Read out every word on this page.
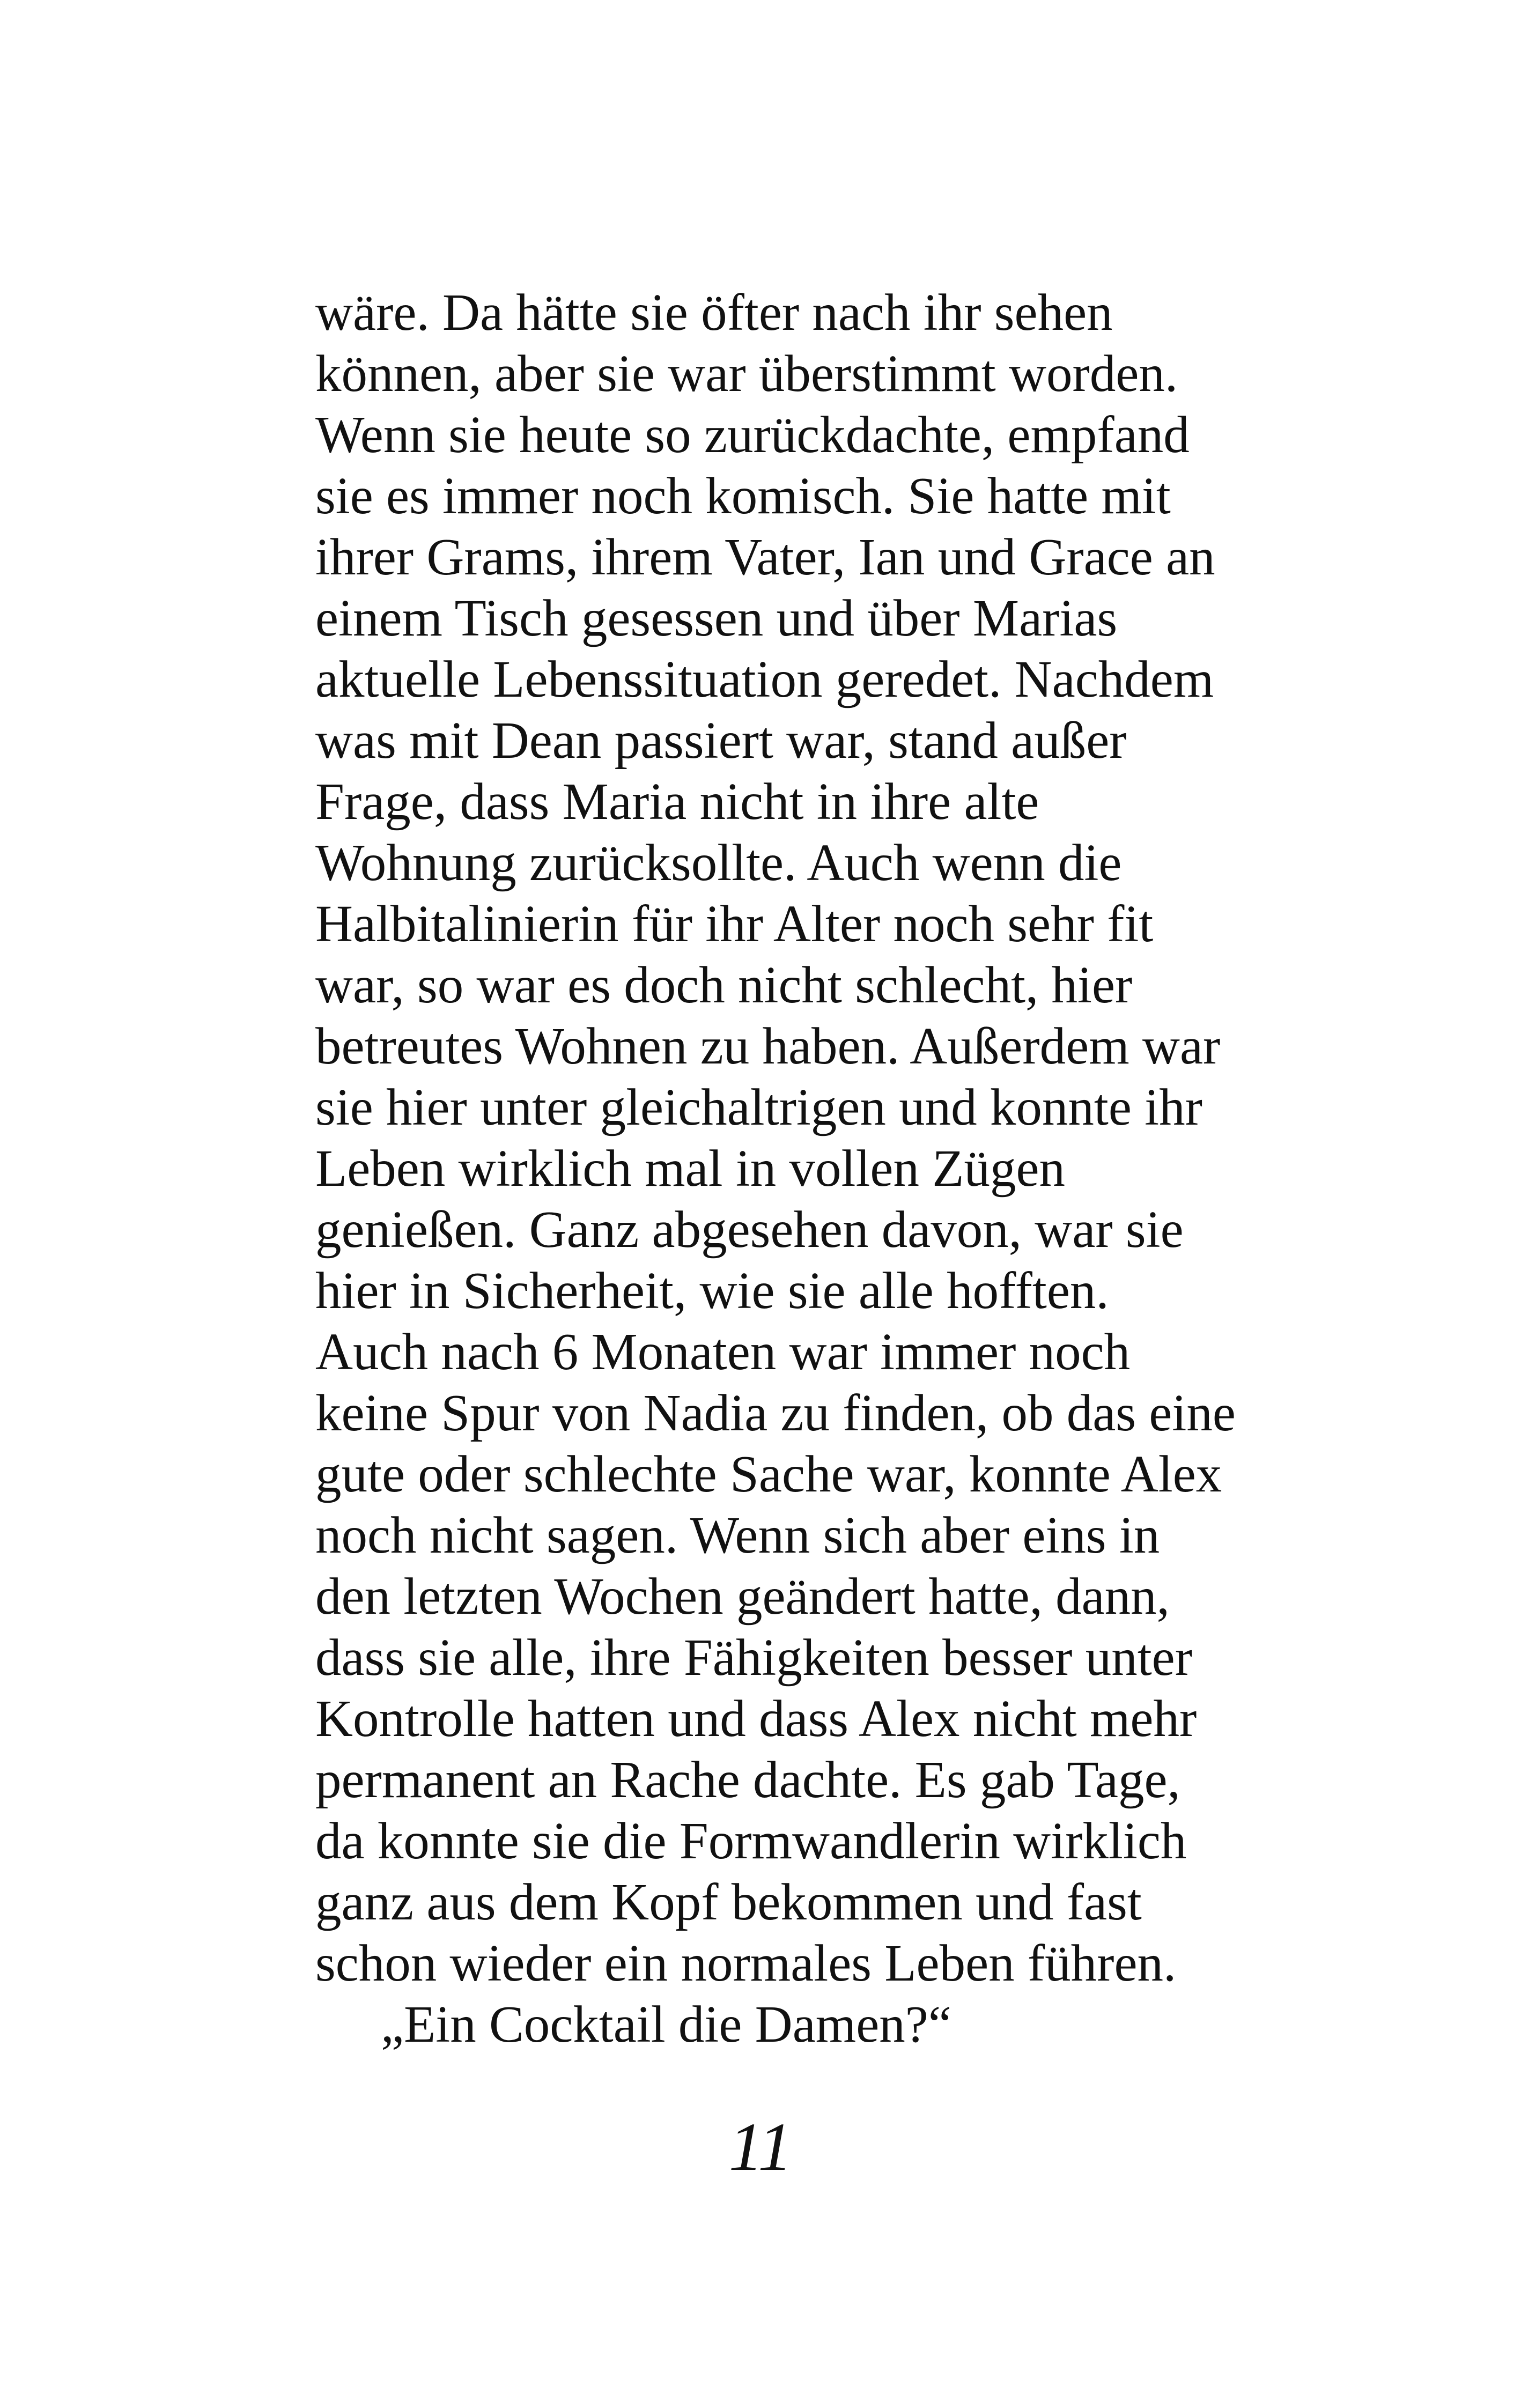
wäre. Da hätte sie öfter nach ihr sehen
können, aber sie war überstimmt worden.
Wenn sie heute so zurückdachte, empfand
sie es immer noch komisch. Sie hatte mit
ihrer Grams, ihrem Vater, Ian und Grace an
einem Tisch gesessen und über Marias
aktuelle Lebenssituation geredet. Nachdem
was mit Dean passiert war, stand außer
Frage, dass Maria nicht in ihre alte
Wohnung zurücksollte. Auch wenn die
Halbitalinierin für ihr Alter noch sehr fit
war, so war es doch nicht schlecht, hier
betreutes Wohnen zu haben. Außerdem war
sie hier unter gleichaltrigen und konnte ihr
Leben wirklich mal in vollen Zügen
genießen. Ganz abgesehen davon, war sie
hier in Sicherheit, wie sie alle hofften.
Auch nach 6 Monaten war immer noch
keine Spur von Nadia zu finden, ob das eine
gute oder schlechte Sache war, konnte Alex
noch nicht sagen. Wenn sich aber eins in
den letzten Wochen geändert hatte, dann,
dass sie alle, ihre Fähigkeiten besser unter
Kontrolle hatten und dass Alex nicht mehr
permanent an Rache dachte. Es gab Tage,
da konnte sie die Formwandlerin wirklich
ganz aus dem Kopf bekommen und fast
schon wieder ein normales Leben führen.
„Ein Cocktail die Damen?“
11
